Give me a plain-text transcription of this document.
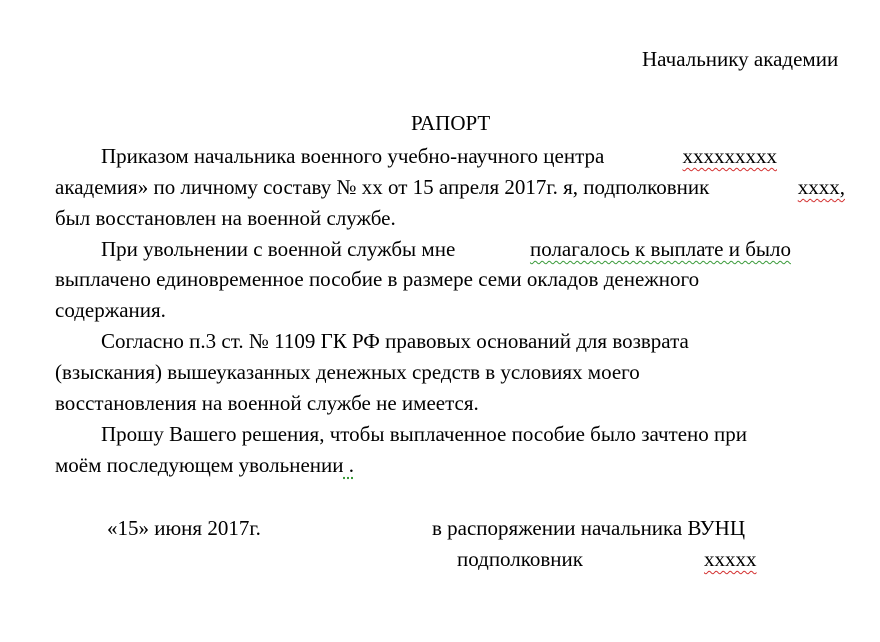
Начальнику академии
РАПОРТ
Приказом начальника военного учебно-научного центра	ххххххххх
академия» по личному составу № хх от 15 апреля 2017г. я, подполковник	хххх,
был восстановлен на военной службе.
При увольнении с военной службы мне	полагалось к выплате и было
выплачено единовременное пособие в размере семи окладов денежного
содержания.
Согласно п.3 ст. № 1109 ГК РФ правовых оснований для возврата
(взыскания) вышеуказанных денежных средств в условиях моего
восстановления на военной службе не имеется.
Прошу Вашего решения, чтобы выплаченное пособие было зачтено при
моём последующем увольнении .
«15» июня 2017г.	в распоряжении начальника ВУНЦ
подполковник	ххххх
